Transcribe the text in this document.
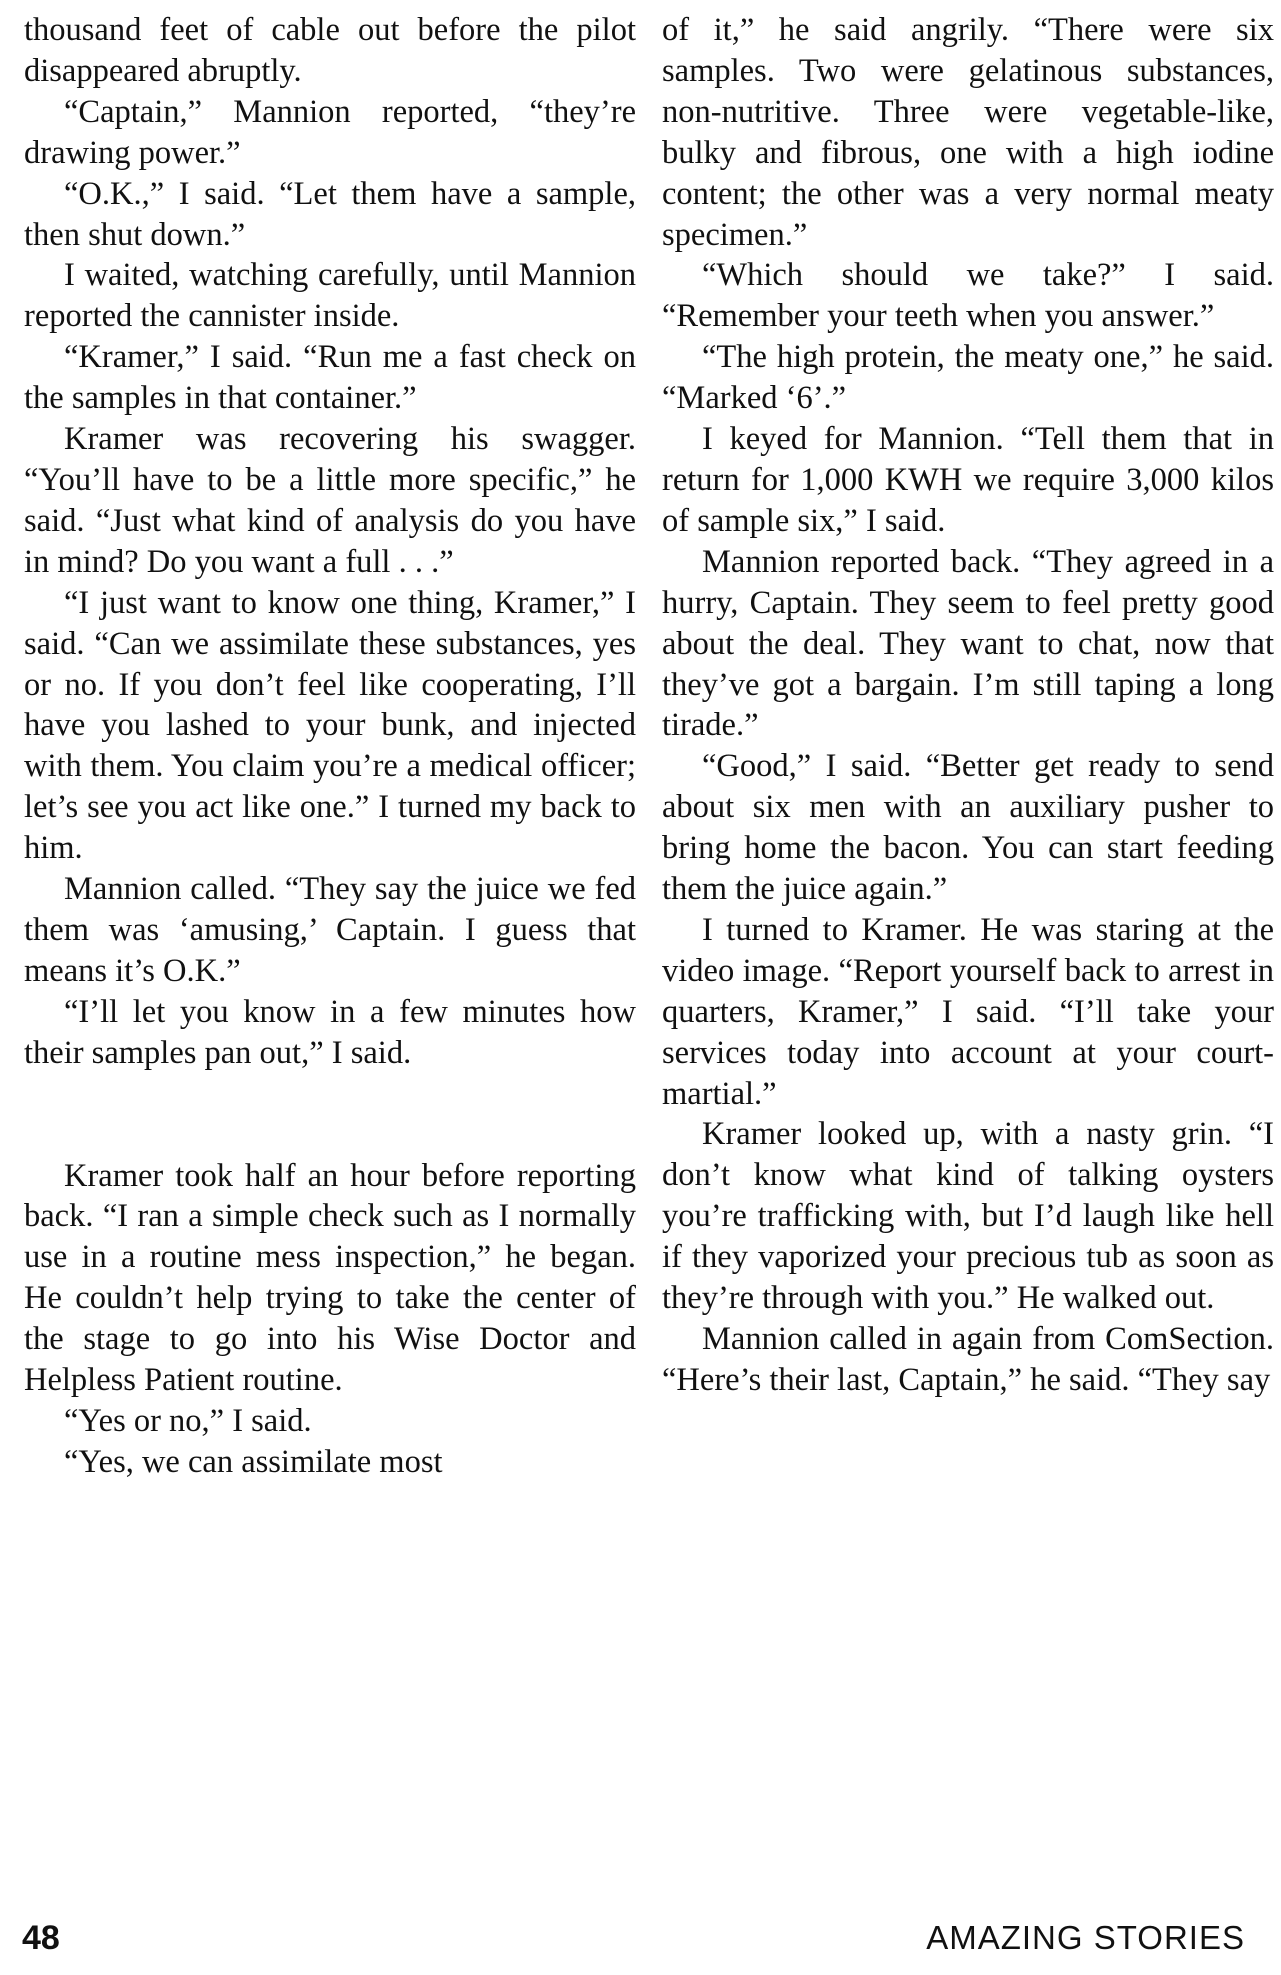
thousand feet of cable out before the pilot disappeared abruptly.

“Captain,” Mannion reported, “they’re drawing power.”

“O.K.,” I said. “Let them have a sample, then shut down.”

I waited, watching carefully, until Mannion reported the cannister inside.

“Kramer,” I said. “Run me a fast check on the samples in that container.”

Kramer was recovering his swagger. “You’ll have to be a little more specific,” he said. “Just what kind of analysis do you have in mind? Do you want a full . . .”

“I just want to know one thing, Kramer,” I said. “Can we assimilate these substances, yes or no. If you don’t feel like cooperating, I’ll have you lashed to your bunk, and injected with them. You claim you’re a medical officer; let’s see you act like one.” I turned my back to him.

Mannion called. “They say the juice we fed them was ‘amusing,’ Captain. I guess that means it’s O.K.”

“I’ll let you know in a few minutes how their samples pan out,” I said.

Kramer took half an hour before reporting back. “I ran a simple check such as I normally use in a routine mess inspection,” he began. He couldn’t help trying to take the center of the stage to go into his Wise Doctor and Helpless Patient routine.

“Yes or no,” I said.

“Yes, we can assimilate most

of it,” he said angrily. “There were six samples. Two were gelatinous substances, non-nutritive. Three were vegetable-like, bulky and fibrous, one with a high iodine content; the other was a very normal meaty specimen.”

“Which should we take?” I said. “Remember your teeth when you answer.”

“The high protein, the meaty one,” he said. “Marked ‘6’.”

I keyed for Mannion. “Tell them that in return for 1,000 KWH we require 3,000 kilos of sample six,” I said.

Mannion reported back. “They agreed in a hurry, Captain. They seem to feel pretty good about the deal. They want to chat, now that they’ve got a bargain. I’m still taping a long tirade.”

“Good,” I said. “Better get ready to send about six men with an auxiliary pusher to bring home the bacon. You can start feeding them the juice again.”

I turned to Kramer. He was staring at the video image. “Report yourself back to arrest in quarters, Kramer,” I said. “I’ll take your services today into account at your court-martial.”

Kramer looked up, with a nasty grin. “I don’t know what kind of talking oysters you’re trafficking with, but I’d laugh like hell if they vaporized your precious tub as soon as they’re through with you.” He walked out.

Mannion called in again from ComSection. “Here’s their last, Captain,” he said. “They say

48	AMAZING STORIES
